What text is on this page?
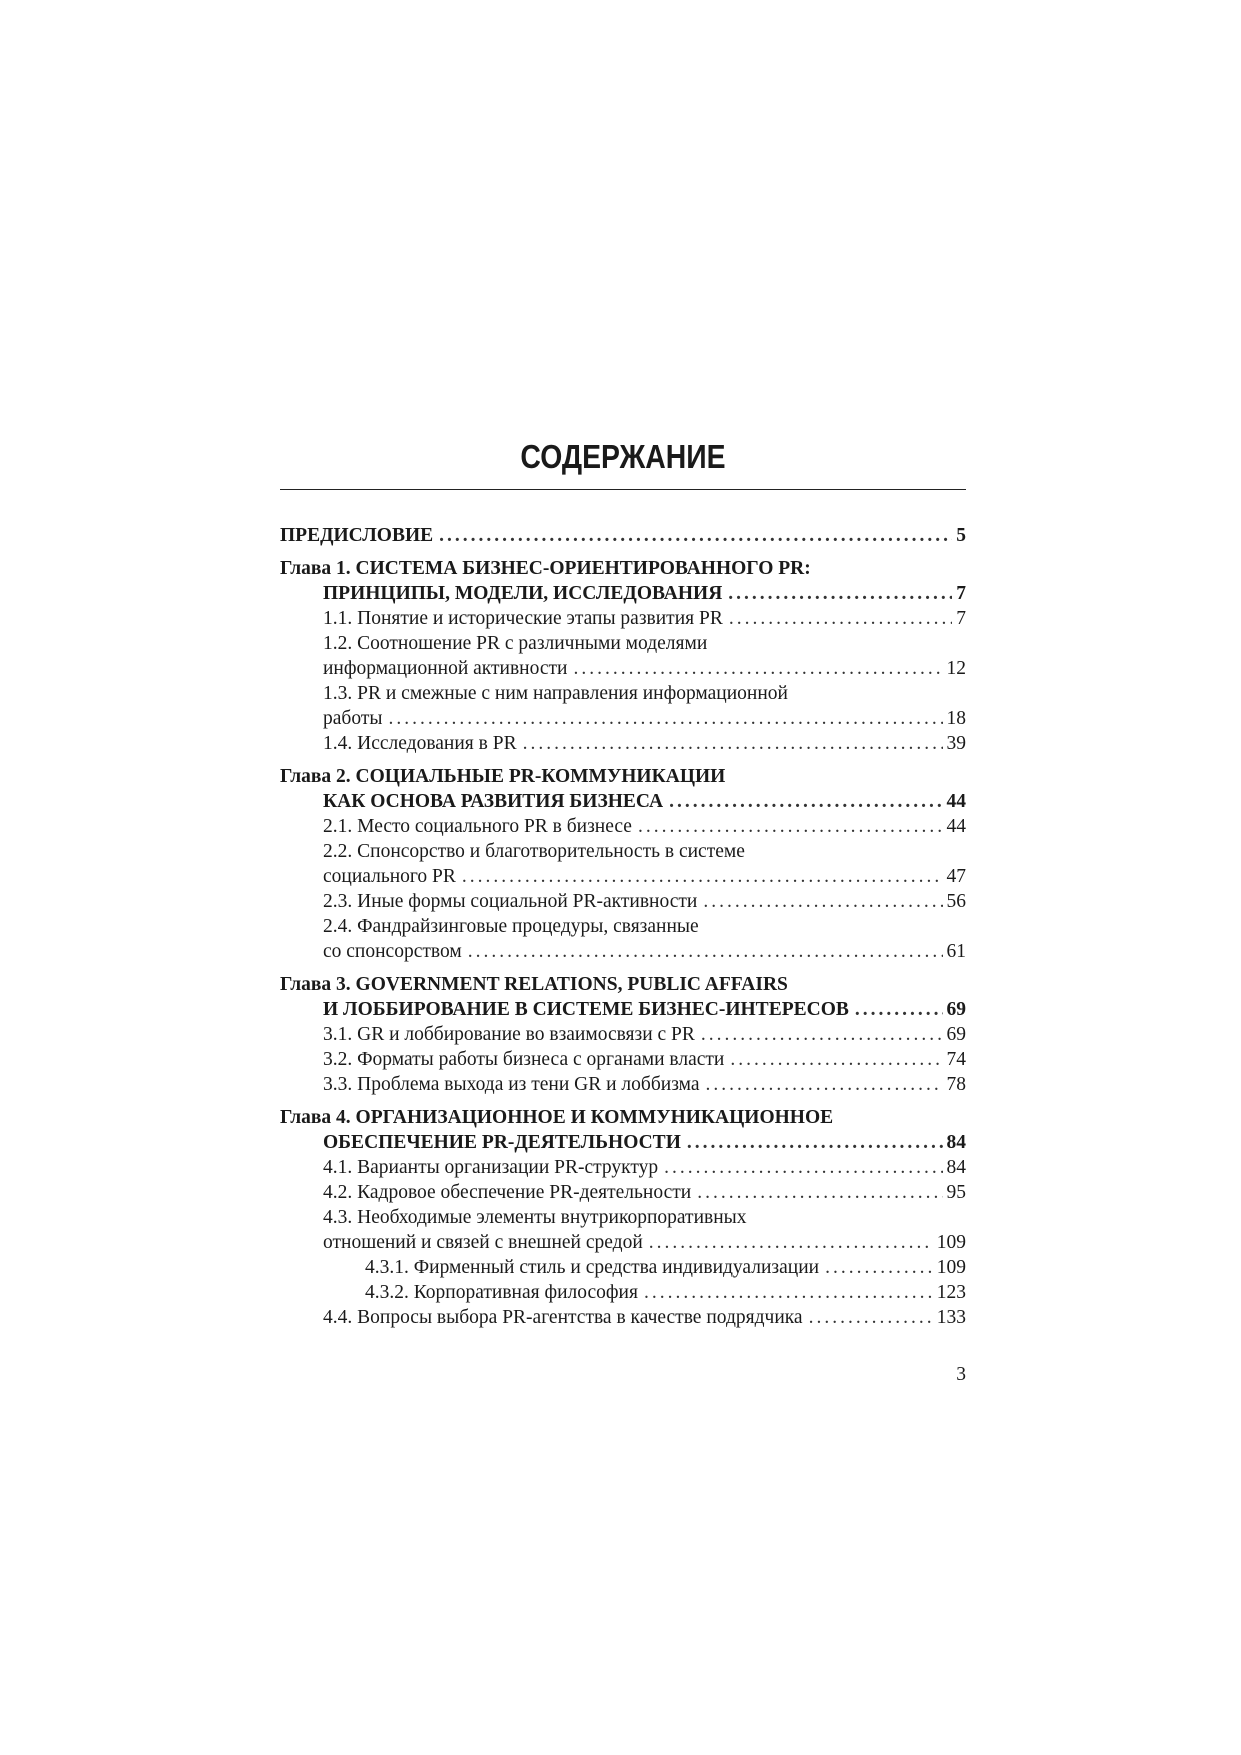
СОДЕРЖАНИЕ
ПРЕДИСЛОВИЕ .....	5
Глава 1. СИСТЕМА БИЗНЕС-ОРИЕНТИРОВАННОГО PR:
ПРИНЦИПЫ, МОДЕЛИ, ИССЛЕДОВАНИЯ .....	7
1.1. Понятие и исторические этапы развития PR .....	7
1.2. Соотношение PR с различными моделями
информационной активности .....	12
1.3. PR и смежные с ним направления информационной
работы .....	18
1.4. Исследования в PR .....	39
Глава 2. СОЦИАЛЬНЫЕ PR-КОММУНИКАЦИИ
КАК ОСНОВА РАЗВИТИЯ БИЗНЕСА .....	44
2.1. Место социального PR в бизнесе .....	44
2.2. Спонсорство и благотворительность в системе
социального PR .....	47
2.3. Иные формы социальной PR-активности .....	56
2.4. Фандрайзинговые процедуры, связанные
со спонсорством .....	61
Глава 3. GOVERNMENT RELATIONS, PUBLIC AFFAIRS
И ЛОББИРОВАНИЕ В СИСТЕМЕ БИЗНЕС-ИНТЕРЕСОВ .....	69
3.1. GR и лоббирование во взаимосвязи с PR .....	69
3.2. Форматы работы бизнеса с органами власти .....	74
3.3. Проблема выхода из тени GR и лоббизма .....	78
Глава 4. ОРГАНИЗАЦИОННОЕ И КОММУНИКАЦИОННОЕ
ОБЕСПЕЧЕНИЕ PR-ДЕЯТЕЛЬНОСТИ .....	84
4.1. Варианты организации PR-структур .....	84
4.2. Кадровое обеспечение PR-деятельности .....	95
4.3. Необходимые элементы внутрикорпоративных
отношений и связей с внешней средой .....	109
4.3.1. Фирменный стиль и средства индивидуализации .....	109
4.3.2. Корпоративная философия .....	123
4.4. Вопросы выбора PR-агентства в качестве подрядчика .....	133
3
